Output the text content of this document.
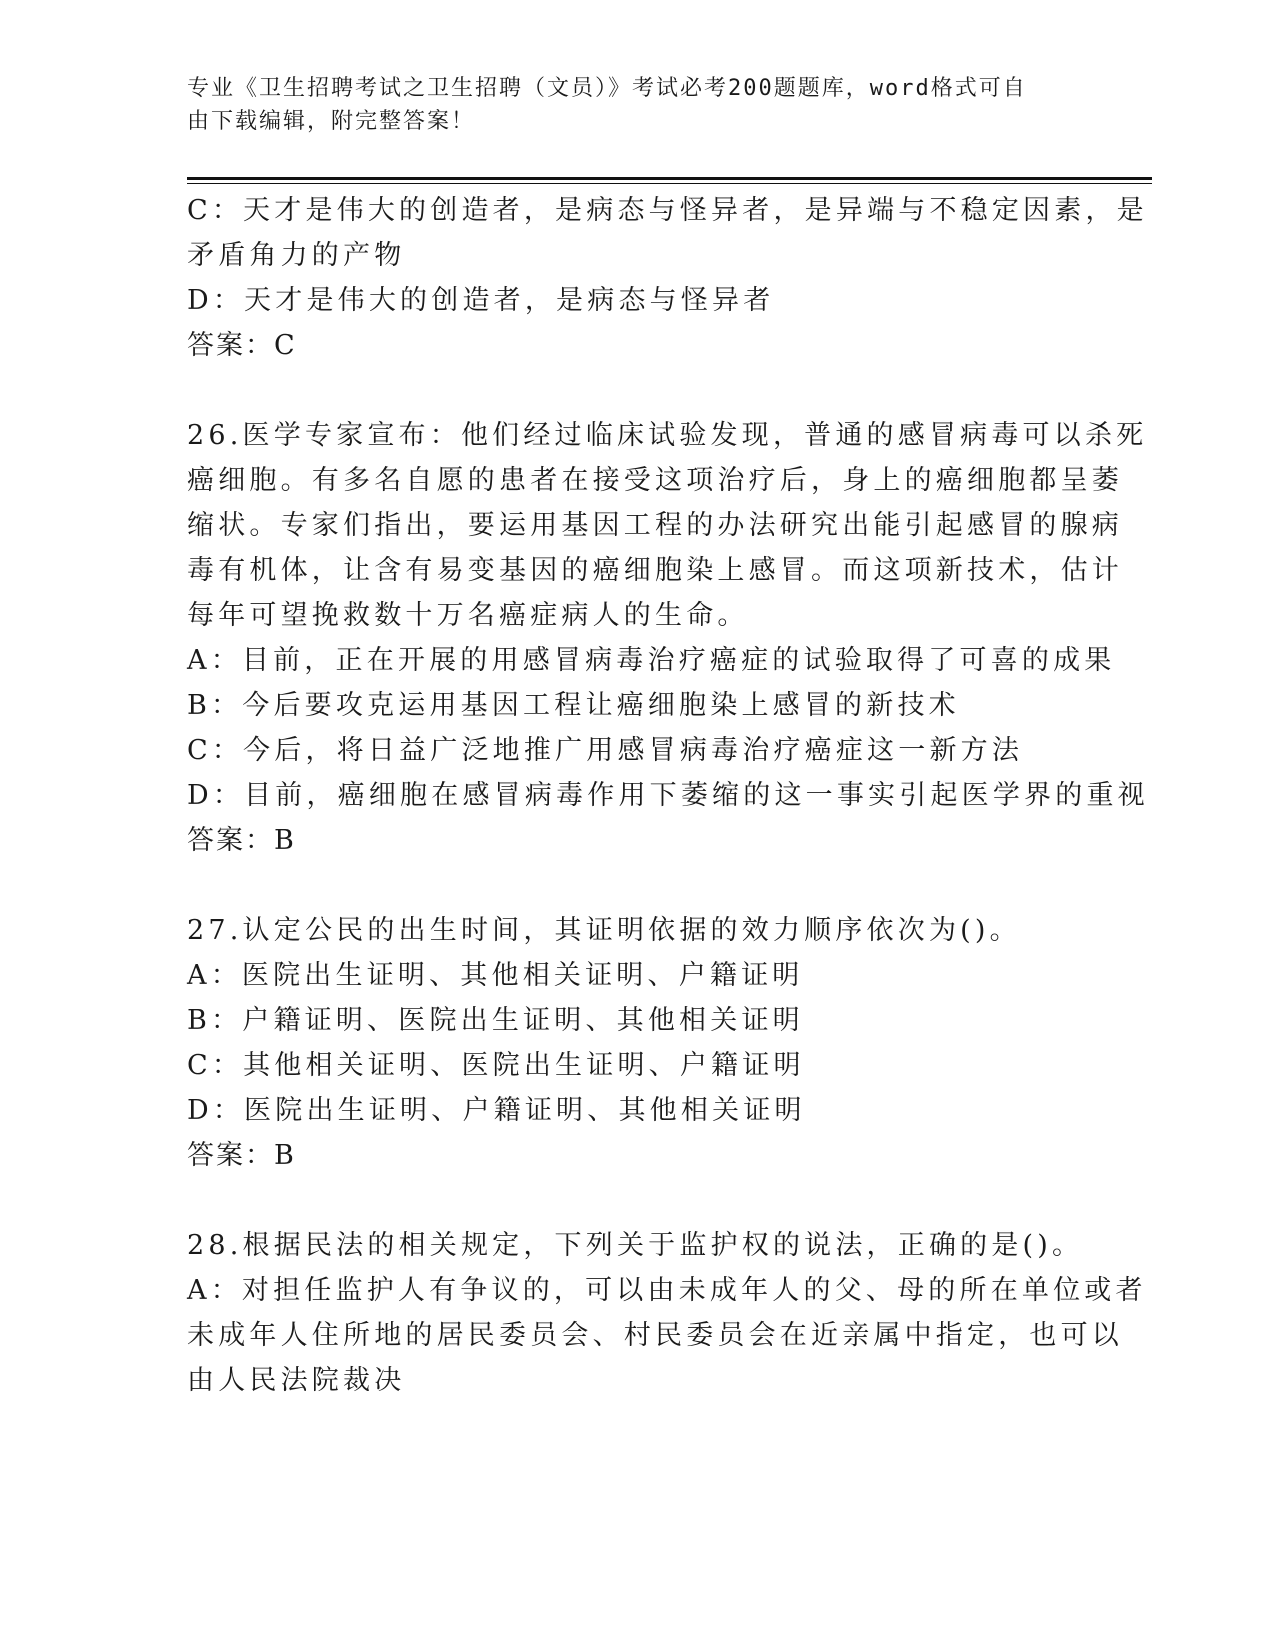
专业《卫生招聘考试之卫生招聘（文员）》考试必考200题题库，word格式可自
由下载编辑，附完整答案！
C：天才是伟大的创造者，是病态与怪异者，是异端与不稳定因素，是
矛盾角力的产物
D：天才是伟大的创造者，是病态与怪异者
答案：C
26.医学专家宣布：他们经过临床试验发现，普通的感冒病毒可以杀死
癌细胞。有多名自愿的患者在接受这项治疗后，身上的癌细胞都呈萎
缩状。专家们指出，要运用基因工程的办法研究出能引起感冒的腺病
毒有机体，让含有易变基因的癌细胞染上感冒。而这项新技术，估计
每年可望挽救数十万名癌症病人的生命。
A：目前，正在开展的用感冒病毒治疗癌症的试验取得了可喜的成果
B：今后要攻克运用基因工程让癌细胞染上感冒的新技术
C：今后，将日益广泛地推广用感冒病毒治疗癌症这一新方法
D：目前，癌细胞在感冒病毒作用下萎缩的这一事实引起医学界的重视
答案：B
27.认定公民的出生时间，其证明依据的效力顺序依次为()。
A：医院出生证明、其他相关证明、户籍证明
B：户籍证明、医院出生证明、其他相关证明
C：其他相关证明、医院出生证明、户籍证明
D：医院出生证明、户籍证明、其他相关证明
答案：B
28.根据民法的相关规定，下列关于监护权的说法，正确的是()。
A：对担任监护人有争议的，可以由未成年人的父、母的所在单位或者
未成年人住所地的居民委员会、村民委员会在近亲属中指定，也可以
由人民法院裁决
